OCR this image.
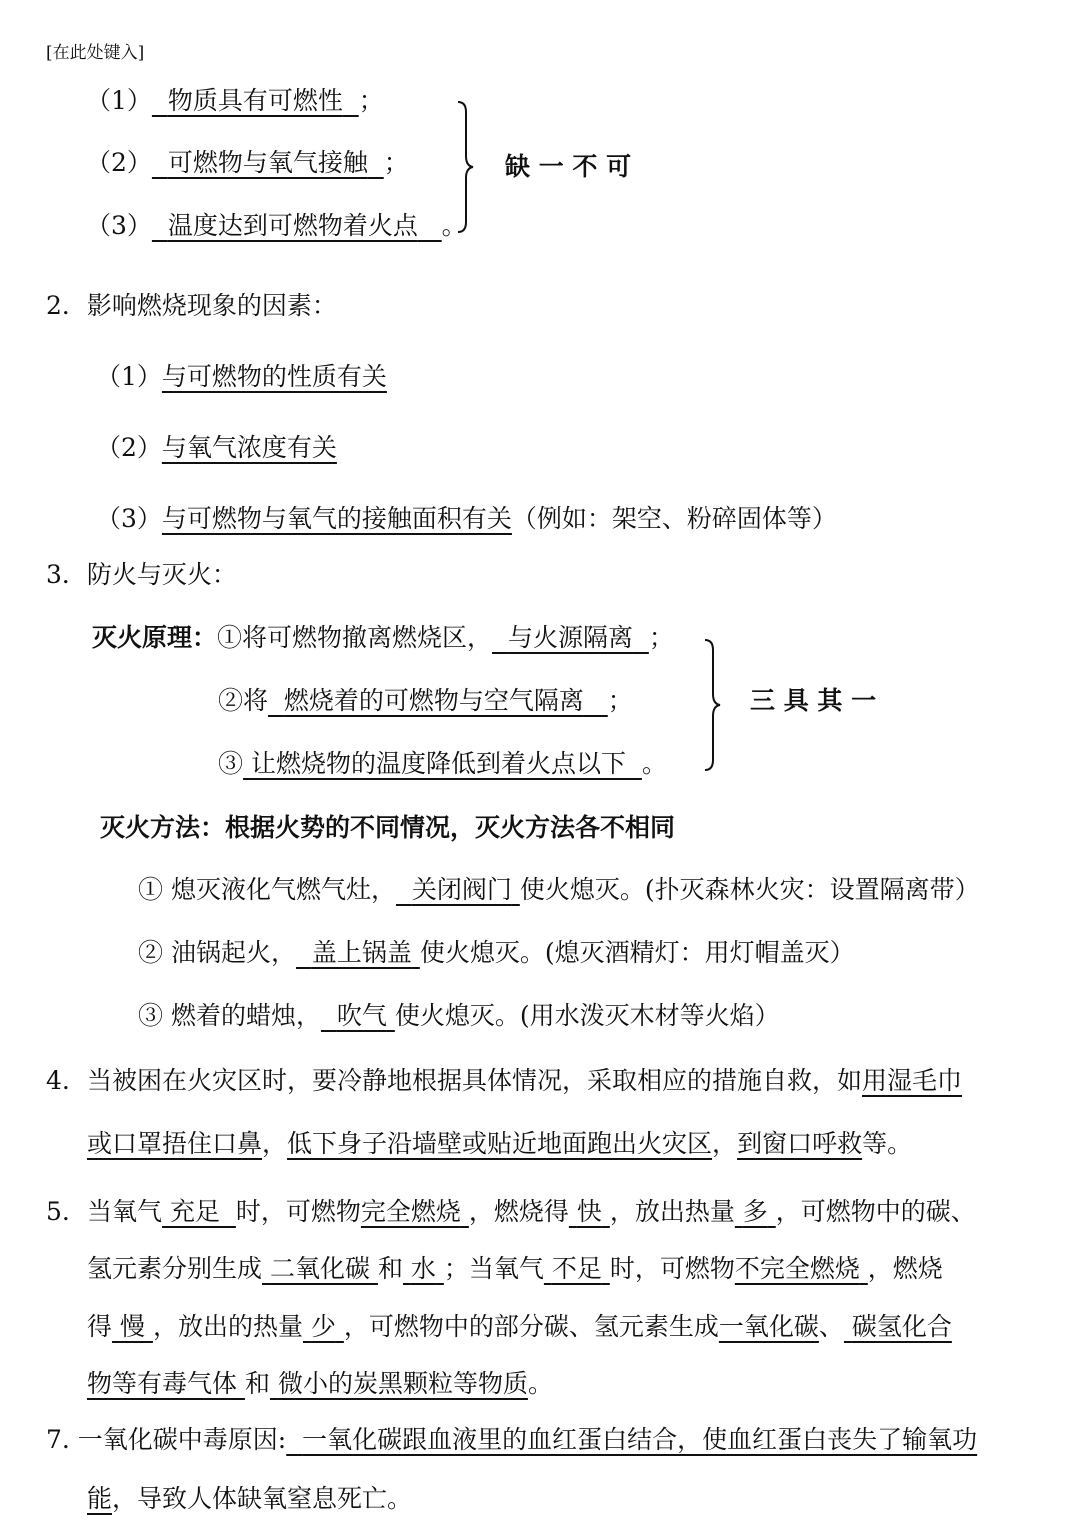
[在此处键入]
（1） 物质具有可燃性 ；
（2） 可燃物与氧气接触 ；
（3） 温度达到可燃物着火点 。
缺 一 不 可
2．影响燃烧现象的因素：
（1）与可燃物的性质有关
（2）与氧气浓度有关
（3）与可燃物与氧气的接触面积有关（例如：架空、粉碎固体等）
3．防火与灭火：
灭火原理：①将可燃物撤离燃烧区， 与火源隔离 ；
②将 燃烧着的可燃物与空气隔离 ；
③ 让燃烧物的温度降低到着火点以下 。
三 具 其 一
灭火方法：根据火势的不同情况，灭火方法各不相同
① 熄灭液化气燃气灶， 关闭阀门 使火熄灭。(扑灭森林火灾：设置隔离带）
② 油锅起火， 盖上锅盖 使火熄灭。(熄灭酒精灯：用灯帽盖灭）
③ 燃着的蜡烛， 吹气 使火熄灭。(用水泼灭木材等火焰）
4. 当被困在火灾区时，要冷静地根据具体情况，采取相应的措施自救，如用湿毛巾
或口罩捂住口鼻，低下身子沿墙壁或贴近地面跑出火灾区，到窗口呼救等。
5. 当氧气 充足 时，可燃物完全燃烧 ，燃烧得 快 ，放出热量 多 ，可燃物中的碳、
氢元素分别生成 二氧化碳 和 水 ；当氧气 不足 时，可燃物不完全燃烧 ，燃烧
得 慢 ，放出的热量 少 ，可燃物中的部分碳、氢元素生成一氧化碳、 碳氢化合
物等有毒气体 和 微小的炭黑颗粒等物质。
7. 一氧化碳中毒原因: 一氧化碳跟血液里的血红蛋白结合，使血红蛋白丧失了输氧功
能，导致人体缺氧窒息死亡。
